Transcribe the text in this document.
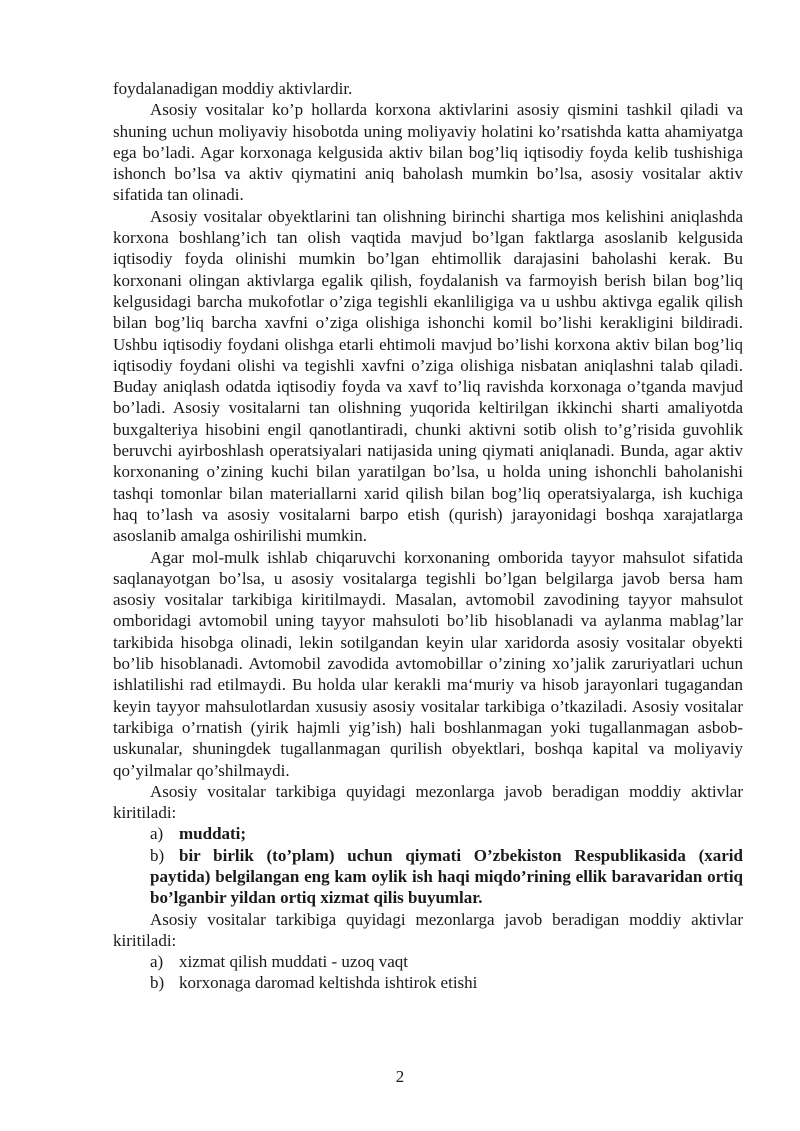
foydalanadigan moddiy aktivlardir.

Asosiy vositalar ko’p hollarda korxona aktivlarini asosiy qismini tashkil qiladi va shuning uchun moliyaviy hisobotda uning moliyaviy holatini ko’rsatishda katta ahamiyatga ega bo’ladi. Agar korxonaga kelgusida aktiv bilan bog’liq iqtisodiy foyda kelib tushishiga ishonch bo’lsa va aktiv qiymatini aniq baholash mumkin bo’lsa, asosiy vositalar aktiv sifatida tan olinadi.

Asosiy vositalar obyektlarini tan olishning birinchi shartiga mos kelishini aniqlashda korxona boshlang’ich tan olish vaqtida mavjud bo’lgan faktlarga asoslanib kelgusida iqtisodiy foyda olinishi mumkin bo’lgan ehtimollik darajasini baholashi kerak. Bu korxonani olingan aktivlarga egalik qilish, foydalanish va farmoyish berish bilan bog’liq kelgusidagi barcha mukofotlar o’ziga tegishli ekanliligiga va u ushbu aktivga egalik qilish bilan bog’liq barcha xavfni o’ziga olishiga ishonchi komil bo’lishi kerakligini bildiradi. Ushbu iqtisodiy foydani olishga etarli ehtimoli mavjud bo’lishi korxona aktiv bilan bog’liq iqtisodiy foydani olishi va tegishli xavfni o’ziga olishiga nisbatan aniqlashni talab qiladi. Buday aniqlash odatda iqtisodiy foyda va xavf to’liq ravishda korxonaga o’tganda mavjud bo’ladi. Asosiy vositalarni tan olishning yuqorida keltirilgan ikkinchi sharti amaliyotda buxgalteriya hisobini engil qanotlantiradi, chunki aktivni sotib olish to’g’risida guvohlik beruvchi ayirboshlash operatsiyalari natijasida uning qiymati aniqlanadi. Bunda, agar aktiv korxonaning o’zining kuchi bilan yaratilgan bo’lsa, u holda uning ishonchli baholanishi tashqi tomonlar bilan materiallarni xarid qilish bilan bog’liq operatsiyalarga, ish kuchiga haq to’lash va asosiy vositalarni barpo etish (qurish) jarayonidagi boshqa xarajatlarga asoslanib amalga oshirilishi mumkin.

Agar mol-mulk ishlab chiqaruvchi korxonaning omborida tayyor mahsulot sifatida saqlanayotgan bo’lsa, u asosiy vositalarga tegishli bo’lgan belgilarga javob bersa ham asosiy vositalar tarkibiga kiritilmaydi. Masalan, avtomobil zavodining tayyor mahsulot omboridagi avtomobil uning tayyor mahsuloti bo’lib hisoblanadi va aylanma mablag’lar tarkibida hisobga olinadi, lekin sotilgandan keyin ular xaridorda asosiy vositalar obyekti bo’lib hisoblanadi. Avtomobil zavodida avtomobillar o’zining xo’jalik zaruriyatlari uchun ishlatilishi rad etilmaydi. Bu holda ular kerakli ma‘muriy va hisob jarayonlari tugagandan keyin tayyor mahsulotlardan xususiy asosiy vositalar tarkibiga o’tkaziladi. Asosiy vositalar tarkibiga o’rnatish (yirik hajmli yig’ish) hali boshlanmagan yoki tugallanmagan asbob-uskunalar, shuningdek tugallanmagan qurilish obyektlari, boshqa kapital va moliyaviy qo’yilmalar qo’shilmaydi.

Asosiy vositalar tarkibiga quyidagi mezonlarga javob beradigan moddiy aktivlar kiritiladi:

a) muddati;

b) bir birlik (to’plam) uchun qiymati O’zbekiston Respublikasida (xarid paytida) belgilangan eng kam oylik ish haqi miqdo’rining ellik baravaridan ortiq bo’lganbir yildan ortiq xizmat qilis buyumlar.

Asosiy vositalar tarkibiga quyidagi mezonlarga javob beradigan moddiy aktivlar kiritiladi:

a) xizmat qilish muddati - uzoq vaqt

b) korxonaga daromad keltishda ishtirok etishi

2
